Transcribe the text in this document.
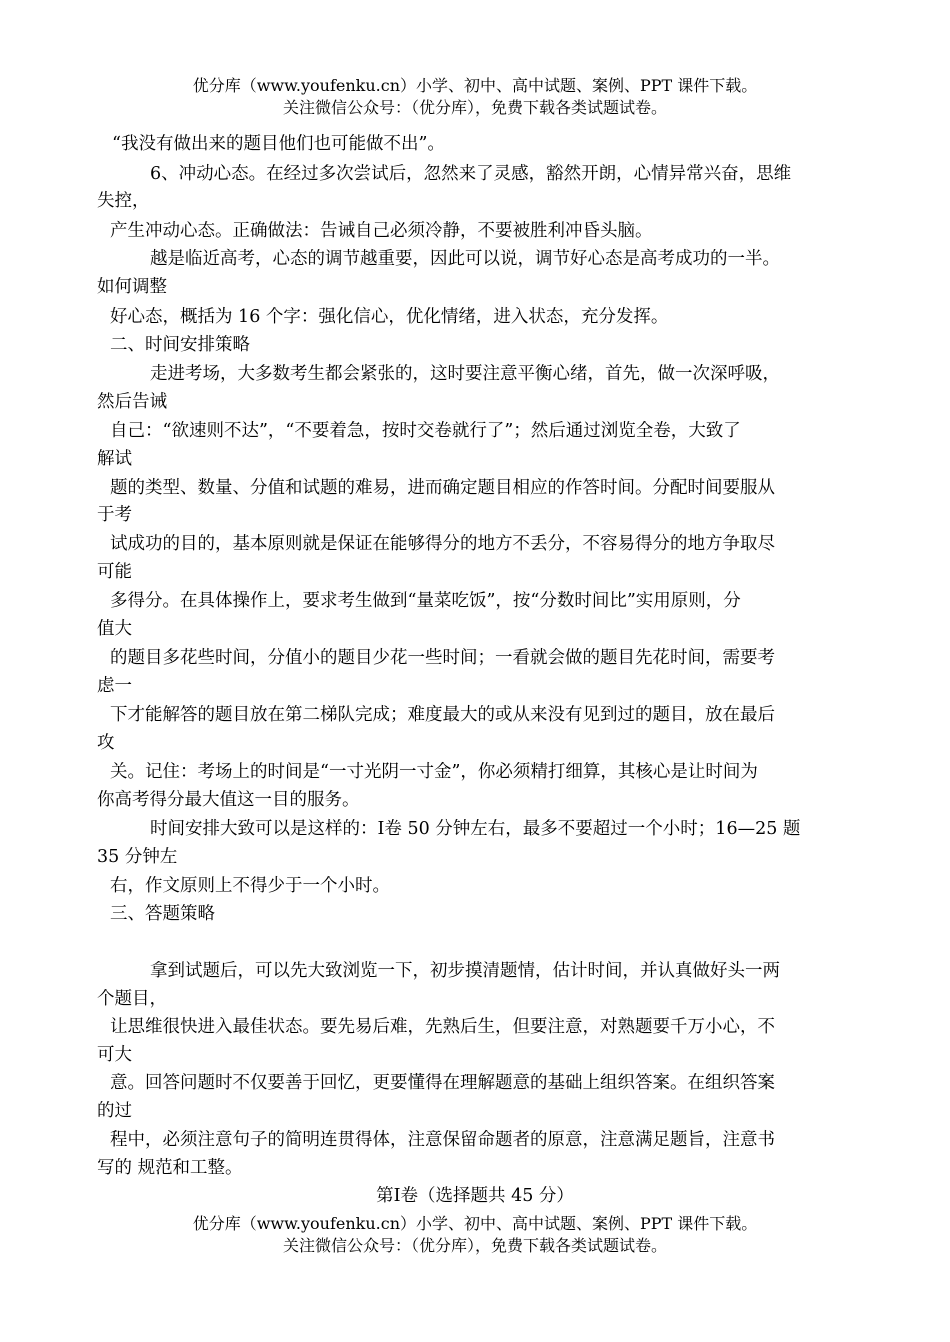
优分库（www.youfenku.cn）小学、初中、高中试题、案例、PPT 课件下载。
关注微信公众号：（优分库），免费下载各类试题试卷。
“我没有做出来的题目他们也可能做不出”。
6、冲动心态。在经过多次尝试后，忽然来了灵感，豁然开朗，心情异常兴奋，思维
失控，
产生冲动心态。正确做法：告诫自己必须冷静，不要被胜利冲昏头脑。
越是临近高考，心态的调节越重要，因此可以说，调节好心态是高考成功的一半。
如何调整
好心态，概括为 16 个字：强化信心，优化情绪，进入状态，充分发挥。
二、时间安排策略
走进考场，大多数考生都会紧张的，这时要注意平衡心绪，首先，做一次深呼吸，
然后告诫
自己：“欲速则不达”，“不要着急，按时交卷就行了”；然后通过浏览全卷，大致了
解试
题的类型、数量、分值和试题的难易，进而确定题目相应的作答时间。分配时间要服从
于考
试成功的目的，基本原则就是保证在能够得分的地方不丢分，不容易得分的地方争取尽
可能
多得分。在具体操作上，要求考生做到“量菜吃饭”，按“分数时间比”实用原则，分
值大
的题目多花些时间，分值小的题目少花一些时间；一看就会做的题目先花时间，需要考
虑一
下才能解答的题目放在第二梯队完成；难度最大的或从来没有见到过的题目，放在最后
攻
关。记住：考场上的时间是“一寸光阴一寸金”，你必须精打细算，其核心是让时间为
你高考得分最大值这一目的服务。
时间安排大致可以是这样的：Ⅰ卷 50 分钟左右，最多不要超过一个小时；16—25 题
35 分钟左
右，作文原则上不得少于一个小时。
三、答题策略
拿到试题后，可以先大致浏览一下，初步摸清题情，估计时间，并认真做好头一两
个题目，
让思维很快进入最佳状态。要先易后难，先熟后生，但要注意，对熟题要千万小心，不
可大
意。回答问题时不仅要善于回忆，更要懂得在理解题意的基础上组织答案。在组织答案
的过
程中，必须注意句子的简明连贯得体，注意保留命题者的原意，注意满足题旨，注意书
写的 规范和工整。
第Ⅰ卷（选择题共 45 分）
优分库（www.youfenku.cn）小学、初中、高中试题、案例、PPT 课件下载。
关注微信公众号：（优分库），免费下载各类试题试卷。
